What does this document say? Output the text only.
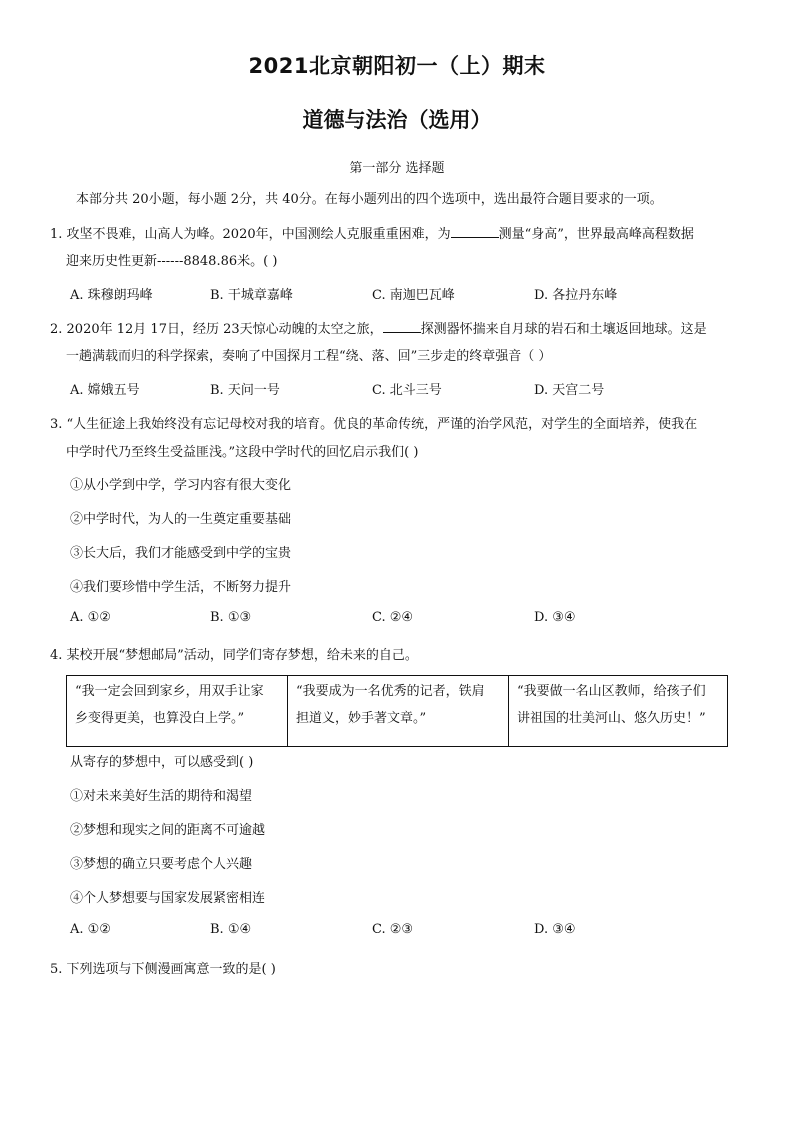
2021北京朝阳初一（上）期末
道德与法治（选用）
第一部分 选择题
本部分共 20小题，每小题 2分，共 40分。在每小题列出的四个选项中，选出最符合题目要求的一项。
1. 攻坚不畏难，山高人为峰。2020年，中国测绘人克服重重困难，为	测量“身高”，世界最高峰高程数据
迎来历史性更新------8848.86米。( )
A. 珠穆朗玛峰	B. 干城章嘉峰	C. 南迦巴瓦峰	D. 各拉丹东峰
2. 2020年 12月 17日，经历 23天惊心动魄的太空之旅，	探测器怀揣来自月球的岩石和土壤返回地球。这是
一趟满载而归的科学探索，奏响了中国探月工程“绕、落、回”三步走的终章强音（ ）
A. 嫦娥五号	B. 天问一号	C. 北斗三号	D. 天宫二号
3. “人生征途上我始终没有忘记母校对我的培育。优良的革命传统，严谨的治学风范，对学生的全面培养，使我在
中学时代乃至终生受益匪浅。”这段中学时代的回忆启示我们( )
①从小学到中学，学习内容有很大变化
②中学时代，为人的一生奠定重要基础
③长大后，我们才能感受到中学的宝贵
④我们要珍惜中学生活，不断努力提升
A. ①②	B. ①③	C. ②④	D. ③④
4. 某校开展“梦想邮局”活动，同学们寄存梦想，给未来的自己。
“我一定会回到家乡，用双手让家
乡变得更美，也算没白上学。”

“我要成为一名优秀的记者，铁肩
担道义，妙手著文章。”

“我要做一名山区教师，给孩子们
讲祖国的壮美河山、悠久历史！”
从寄存的梦想中，可以感受到( )
①对未来美好生活的期待和渴望
②梦想和现实之间的距离不可逾越
③梦想的确立只要考虑个人兴趣
④个人梦想要与国家发展紧密相连
A. ①②	B. ①④	C. ②③	D. ③④
5. 下列选项与下侧漫画寓意一致的是( )
